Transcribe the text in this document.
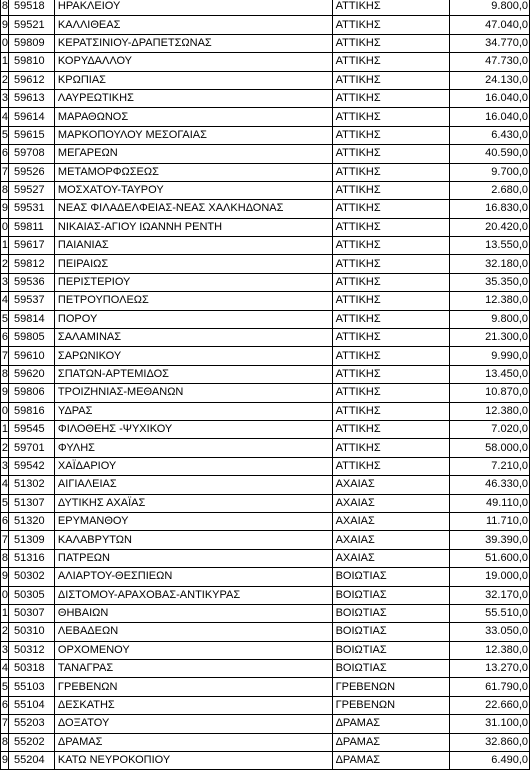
8	59518	ΗΡΑΚΛΕΙΟΥ	ΑΤΤΙΚΗΣ	9.800,0
9	59521	ΚΑΛΛΙΘΕΑΣ	ΑΤΤΙΚΗΣ	47.040,0
0	59809	ΚΕΡΑΤΣΙΝΙΟΥ-ΔΡΑΠΕΤΣΩΝΑΣ	ΑΤΤΙΚΗΣ	34.770,0
1	59810	ΚΟΡΥΔΑΛΛΟΥ	ΑΤΤΙΚΗΣ	47.730,0
2	59612	ΚΡΩΠΙΑΣ	ΑΤΤΙΚΗΣ	24.130,0
3	59613	ΛΑΥΡΕΩΤΙΚΗΣ	ΑΤΤΙΚΗΣ	16.040,0
4	59614	ΜΑΡΑΘΩΝΟΣ	ΑΤΤΙΚΗΣ	16.040,0
5	59615	ΜΑΡΚΟΠΟΥΛΟΥ ΜΕΣΟΓΑΙΑΣ	ΑΤΤΙΚΗΣ	6.430,0
6	59708	ΜΕΓΑΡΕΩΝ	ΑΤΤΙΚΗΣ	40.590,0
7	59526	ΜΕΤΑΜΟΡΦΩΣΕΩΣ	ΑΤΤΙΚΗΣ	9.700,0
8	59527	ΜΟΣΧΑΤΟΥ-ΤΑΥΡΟΥ	ΑΤΤΙΚΗΣ	2.680,0
9	59531	ΝΕΑΣ ΦΙΛΑΔΕΛΦΕΙΑΣ-ΝΕΑΣ ΧΑΛΚΗΔΟΝΑΣ	ΑΤΤΙΚΗΣ	16.830,0
0	59811	ΝΙΚΑΙΑΣ-ΑΓΙΟΥ ΙΩΑΝΝΗ ΡΕΝΤΗ	ΑΤΤΙΚΗΣ	20.420,0
1	59617	ΠΑΙΑΝΙΑΣ	ΑΤΤΙΚΗΣ	13.550,0
2	59812	ΠΕΙΡΑΙΩΣ	ΑΤΤΙΚΗΣ	32.180,0
3	59536	ΠΕΡΙΣΤΕΡΙΟΥ	ΑΤΤΙΚΗΣ	35.350,0
4	59537	ΠΕΤΡΟΥΠΟΛΕΩΣ	ΑΤΤΙΚΗΣ	12.380,0
5	59814	ΠΟΡΟΥ	ΑΤΤΙΚΗΣ	9.800,0
6	59805	ΣΑΛΑΜΙΝΑΣ	ΑΤΤΙΚΗΣ	21.300,0
7	59610	ΣΑΡΩΝΙΚΟΥ	ΑΤΤΙΚΗΣ	9.990,0
8	59620	ΣΠΑΤΩΝ-ΑΡΤΕΜΙΔΟΣ	ΑΤΤΙΚΗΣ	13.450,0
9	59806	ΤΡΟΙΖΗΝΙΑΣ-ΜΕΘΑΝΩΝ	ΑΤΤΙΚΗΣ	10.870,0
0	59816	ΥΔΡΑΣ	ΑΤΤΙΚΗΣ	12.380,0
1	59545	ΦΙΛΟΘΕΗΣ -ΨΥΧΙΚΟΥ	ΑΤΤΙΚΗΣ	7.020,0
2	59701	ΦΥΛΗΣ	ΑΤΤΙΚΗΣ	58.000,0
3	59542	ΧΑΪΔΑΡΙΟΥ	ΑΤΤΙΚΗΣ	7.210,0
4	51302	ΑΙΓΙΑΛΕΙΑΣ	ΑΧΑΙΑΣ	46.330,0
5	51307	ΔΥΤΙΚΗΣ ΑΧΑΪΑΣ	ΑΧΑΙΑΣ	49.110,0
6	51320	ΕΡΥΜΑΝΘΟΥ	ΑΧΑΙΑΣ	11.710,0
7	51309	ΚΑΛΑΒΡΥΤΩΝ	ΑΧΑΙΑΣ	39.390,0
8	51316	ΠΑΤΡΕΩΝ	ΑΧΑΙΑΣ	51.600,0
9	50302	ΑΛΙΑΡΤΟΥ-ΘΕΣΠΙΕΩΝ	ΒΟΙΩΤΙΑΣ	19.000,0
0	50305	ΔΙΣΤΟΜΟΥ-ΑΡΑΧΟΒΑΣ-ΑΝΤΙΚΥΡΑΣ	ΒΟΙΩΤΙΑΣ	32.170,0
1	50307	ΘΗΒΑΙΩΝ	ΒΟΙΩΤΙΑΣ	55.510,0
2	50310	ΛΕΒΑΔΕΩΝ	ΒΟΙΩΤΙΑΣ	33.050,0
3	50312	ΟΡΧΟΜΕΝΟΥ	ΒΟΙΩΤΙΑΣ	12.380,0
4	50318	ΤΑΝΑΓΡΑΣ	ΒΟΙΩΤΙΑΣ	13.270,0
5	55103	ΓΡΕΒΕΝΩΝ	ΓΡΕΒΕΝΩΝ	61.790,0
6	55104	ΔΕΣΚΑΤΗΣ	ΓΡΕΒΕΝΩΝ	22.660,0
7	55203	ΔΟΞΑΤΟΥ	ΔΡΑΜΑΣ	31.100,0
8	55202	ΔΡΑΜΑΣ	ΔΡΑΜΑΣ	32.860,0
9	55204	ΚΑΤΩ ΝΕΥΡΟΚΟΠΙΟΥ	ΔΡΑΜΑΣ	6.490,0
